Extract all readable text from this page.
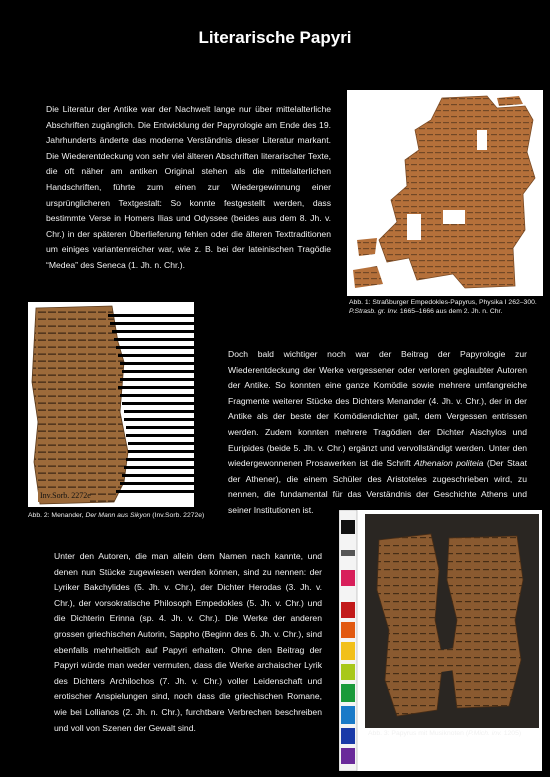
Literarische Papyri
Die Literatur der Antike war der Nachwelt lange nur über mittelalterliche Abschriften zugänglich. Die Entwicklung der Papyrologie am Ende des 19. Jahrhunderts änderte das moderne Verständnis dieser Literatur markant. Die Wiederentdeckung von sehr viel älteren Abschriften literarischer Texte, die oft näher am antiken Original stehen als die mittelalterlichen Handschriften, führte zum einen zur Wiedergewinnung einer ursprünglicheren Textgestalt: So konnte festgestellt werden, dass bestimmte Verse in Homers Ilias und Odyssee (beides aus dem 8. Jh. v. Chr.) in der späteren Überlieferung fehlen oder die älteren Texttraditionen um einiges variantenreicher war, wie z. B. bei der lateinischen Tragödie “Medea” des Seneca (1. Jh. n. Chr.).
Abb. 1: Straßburger Empedokles-Papyrus, Physika I 262–300. P.Strasb. gr. Inv. 1665–1666 aus dem 2. Jh. n. Chr.
Inv.Sorb. 2272e
Abb. 2: Menander, Der Mann aus Sikyon (Inv.Sorb. 2272e)
Doch bald wichtiger noch war der Beitrag der Papyrologie zur Wiederentdeckung der Werke vergessener oder verloren geglaubter Autoren der Antike. So konnten eine ganze Komödie sowie mehrere umfangreiche Fragmente weiterer Stücke des Dichters Menander (4. Jh. v. Chr.), der in der Antike als der beste der Komödiendichter galt, dem Vergessen entrissen werden. Zudem konnten mehrere Tragödien der Dichter Aischylos und Euripides (beide 5. Jh. v. Chr.) ergänzt und vervollständigt werden. Unter den wiedergewonnenen Prosawerken ist die Schrift Athenaion politeia (Der Staat der Athener), die einem Schüler des Aristoteles zugeschrieben wird, zu nennen, die fundamental für das Verständnis der Geschichte Athens und seiner Institutionen ist.
Unter den Autoren, die man allein dem Namen nach kannte, und denen nun Stücke zugewiesen werden können, sind zu nennen: der Lyriker Bakchylides (5. Jh. v. Chr.), der Dichter Herodas (3. Jh. v. Chr.), der vorsokratische Philosoph Empedokles (5. Jh. v. Chr.) und die Dichterin Erinna (sp. 4. Jh. v. Chr.). Die Werke der anderen grossen griechischen Autorin, Sappho (Beginn des 6. Jh. v. Chr.), sind ebenfalls mehrheitlich auf Papyri erhalten. Ohne den Beitrag der Papyri würde man weder vermuten, dass die Werke archaischer Lyrik des Dichters Archilochos (7. Jh. v. Chr.) voller Leidenschaft und erotischer Anspielungen sind, noch dass die griechischen Romane, wie bei Lollianos (2. Jh. n. Chr.), furchtbare Verbrechen beschreiben und voll von Szenen der Gewalt sind.
Abb. 3: Papyrus mit Musiknoten (P.Mich. inv. 1205)
